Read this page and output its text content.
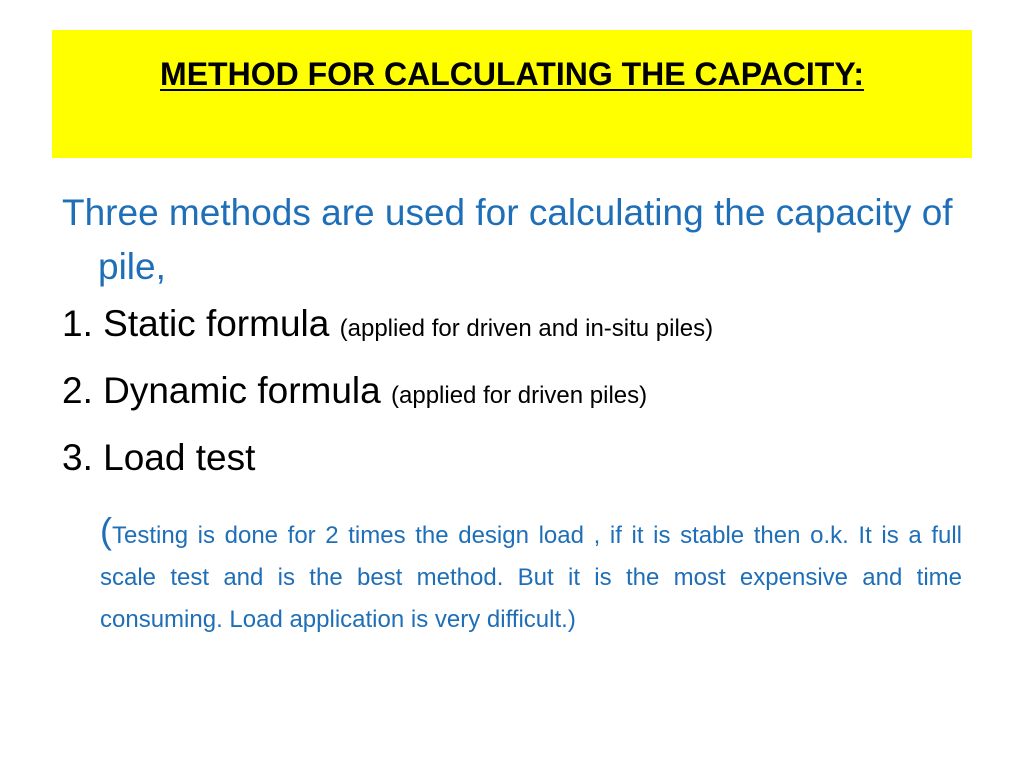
METHOD FOR CALCULATING THE CAPACITY:

Three methods are used for calculating the capacity of pile,

1. Static formula (applied for driven and in-situ piles)

2. Dynamic formula (applied for driven piles)

3. Load test

(Testing is done for 2 times the design load , if it is stable then o.k. It is a full scale test and is the best method. But it is the most expensive and time consuming. Load application is very difficult.)
